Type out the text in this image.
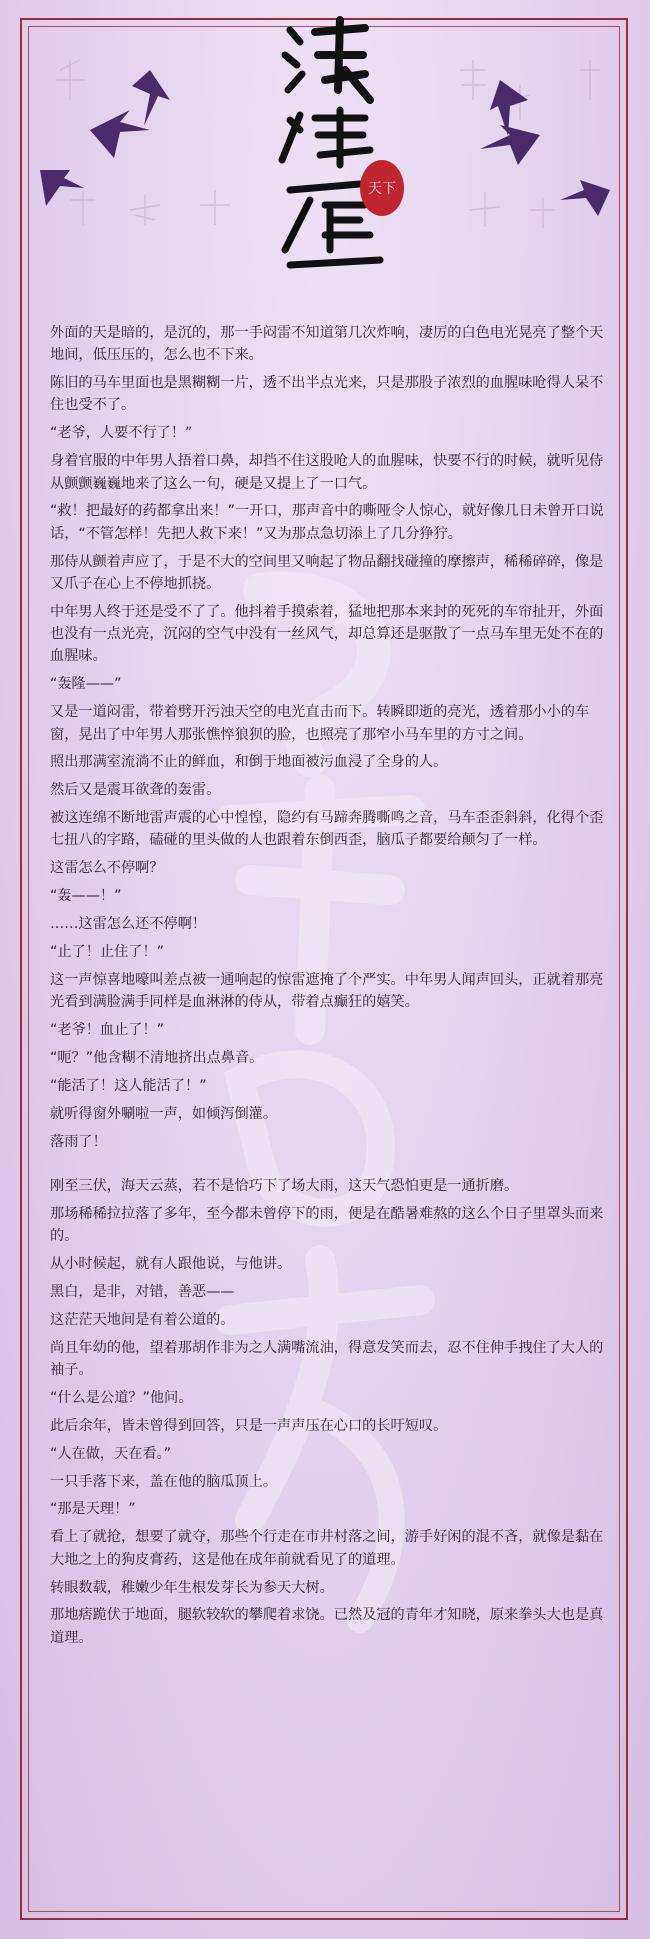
天下

外面的天是暗的，是沉的，那一手闷雷不知道第几次炸响，凄厉的白色电光晃亮了整个天地间，低压压的，怎么也不下来。

陈旧的马车里面也是黑糊糊一片，透不出半点光来，只是那股子浓烈的血腥味呛得人呆不住也受不了。

“老爷，人要不行了！”

身着官服的中年男人捂着口鼻，却挡不住这股呛人的血腥味，快要不行的时候，就听见侍从颤颤巍巍地来了这么一句，硬是又提上了一口气。

“救！把最好的药都拿出来！”一开口，那声音中的嘶哑令人惊心，就好像几日未曾开口说话，“不管怎样！先把人救下来！”又为那点急切添上了几分狰狞。

那侍从颤着声应了，于是不大的空间里又响起了物品翻找碰撞的摩擦声，稀稀碎碎，像是又爪子在心上不停地抓挠。

中年男人终于还是受不了了。他抖着手摸索着，猛地把那本来封的死死的车帘扯开，外面也没有一点光亮，沉闷的空气中没有一丝风气，却总算还是驱散了一点马车里无处不在的血腥味。

“轰隆——”

又是一道闷雷，带着劈开污浊天空的电光直击而下。转瞬即逝的亮光，透着那小小的车窗，晃出了中年男人那张憔悴狼狈的脸，也照亮了那窄小马车里的方寸之间。

照出那满室流淌不止的鲜血，和倒于地面被污血浸了全身的人。

然后又是震耳欲聋的轰雷。

被这连绵不断地雷声震的心中惶惶，隐约有马蹄奔腾嘶鸣之音，马车歪歪斜斜，化得个歪七扭八的字路，磕碰的里头做的人也跟着东倒西歪，脑瓜子都要给颠匀了一样。

这雷怎么不停啊？

“轰——！”

……这雷怎么还不停啊！

“止了！止住了！”

这一声惊喜地嚎叫差点被一通响起的惊雷遮掩了个严实。中年男人闻声回头，正就着那亮光看到满脸满手同样是血淋淋的侍从，带着点癫狂的嬉笑。

“老爷！血止了！”

“呃？”他含糊不清地挤出点鼻音。

“能活了！这人能活了！”

就听得窗外唰啦一声，如倾泻倒灌。

落雨了！

刚至三伏，海天云蒸，若不是恰巧下了场大雨，这天气恐怕更是一通折磨。

那场稀稀拉拉落了多年，至今都未曾停下的雨，便是在酷暑难熬的这么个日子里罩头而来的。

从小时候起，就有人跟他说，与他讲。

黑白，是非，对错，善恶——

这茫茫天地间是有着公道的。

尚且年幼的他，望着那胡作非为之人满嘴流油，得意发笑而去，忍不住伸手拽住了大人的袖子。

“什么是公道？”他问。

此后余年，皆未曾得到回答，只是一声声压在心口的长吁短叹。

“人在做，天在看。”

一只手落下来，盖在他的脑瓜顶上。

“那是天理！”

看上了就抢，想要了就夺，那些个行走在市井村落之间，游手好闲的混不吝，就像是黏在大地之上的狗皮膏药，这是他在成年前就看见了的道理。

转眼数载，稚嫩少年生根发芽长为参天大树。

那地痞跪伏于地面，腿软较软的攀爬着求饶。已然及冠的青年才知晓，原来拳头大也是真道理。
